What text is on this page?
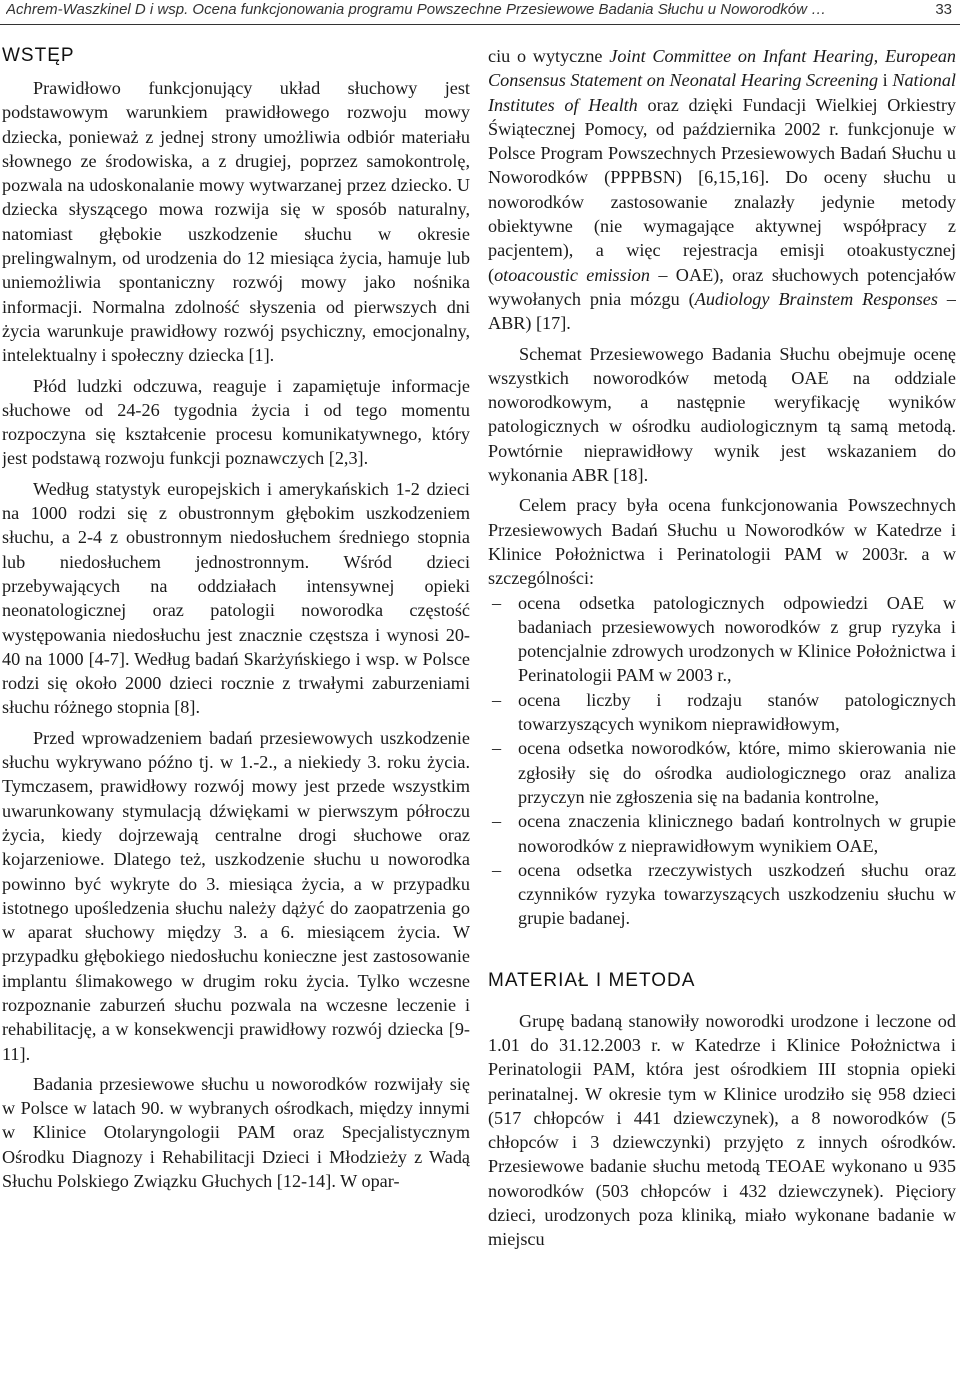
Achrem-Waszkinel D i wsp. Ocena funkcjonowania programu Powszechne Przesiewowe Badania Słuchu u Noworodków …	33
WSTĘP

Prawidłowo funkcjonujący układ słuchowy jest podstawowym warunkiem prawidłowego rozwoju mowy dziecka, ponieważ z jednej strony umożliwia odbiór materiału słownego ze środowiska, a z drugiej, poprzez samokontrolę, pozwala na udoskonalanie mowy wytwarzanej przez dziecko. U dziecka słyszącego mowa rozwija się w sposób naturalny, natomiast głębokie uszkodzenie słuchu w okresie prelingwalnym, od urodzenia do 12 miesiąca życia, hamuje lub uniemożliwia spontaniczny rozwój mowy jako nośnika informacji. Normalna zdolność słyszenia od pierwszych dni życia warunkuje prawidłowy rozwój psychiczny, emocjonalny, intelektualny i społeczny dziecka [1].

Płód ludzki odczuwa, reaguje i zapamiętuje informacje słuchowe od 24-26 tygodnia życia i od tego momentu rozpoczyna się kształcenie procesu komunikatywnego, który jest podstawą rozwoju funkcji poznawczych [2,3].

Według statystyk europejskich i amerykańskich 1-2 dzieci na 1000 rodzi się z obustronnym głębokim uszkodzeniem słuchu, a 2-4 z obustronnym niedosłuchem średniego stopnia lub niedosłuchem jednostronnym. Wśród dzieci przebywających na oddziałach intensywnej opieki neonatologicznej oraz patologii noworodka częstość występowania niedosłuchu jest znacznie częstsza i wynosi 20-40 na 1000 [4-7]. Według badań Skarżyńskiego i wsp. w Polsce rodzi się około 2000 dzieci rocznie z trwałymi zaburzeniami słuchu różnego stopnia [8].

Przed wprowadzeniem badań przesiewowych uszkodzenie słuchu wykrywano późno tj. w 1.-2., a niekiedy 3. roku życia. Tymczasem, prawidłowy rozwój mowy jest przede wszystkim uwarunkowany stymulacją dźwiękami w pierwszym półroczu życia, kiedy dojrzewają centralne drogi słuchowe oraz kojarzeniowe. Dlatego też, uszkodzenie słuchu u noworodka powinno być wykryte do 3. miesiąca życia, a w przypadku istotnego upośledzenia słuchu należy dążyć do zaopatrzenia go w aparat słuchowy między 3. a 6. miesiącem życia. W przypadku głębokiego niedosłuchu konieczne jest zastosowanie implantu ślimakowego w drugim roku życia. Tylko wczesne rozpoznanie zaburzeń słuchu pozwala na wczesne leczenie i rehabilitację, a w konsekwencji prawidłowy rozwój dziecka [9-11].

Badania przesiewowe słuchu u noworodków rozwijały się w Polsce w latach 90. w wybranych ośrodkach, między innymi w Klinice Otolaryngologii PAM oraz Specjalistycznym Ośrodku Diagnozy i Rehabilitacji Dzieci i Młodzieży z Wadą Słuchu Polskiego Związku Głuchych [12-14]. W opar-

ciu o wytyczne Joint Committee on Infant Hearing, European Consensus Statement on Neonatal Hearing Screening i National Institutes of Health oraz dzięki Fundacji Wielkiej Orkiestry Świątecznej Pomocy, od października 2002 r. funkcjonuje w Polsce Program Powszechnych Przesiewowych Badań Słuchu u Noworodków (PPPBSN) [6,15,16]. Do oceny słuchu u noworodków zastosowanie znalazły jedynie metody obiektywne (nie wymagające aktywnej współpracy z pacjentem), a więc rejestracja emisji otoakustycznej (otoacoustic emission – OAE), oraz słuchowych potencjałów wywołanych pnia mózgu (Audiology Brainstem Responses – ABR) [17].

Schemat Przesiewowego Badania Słuchu obejmuje ocenę wszystkich noworodków metodą OAE na oddziale noworodkowym, a następnie weryfikację wyników patologicznych w ośrodku audiologicznym tą samą metodą. Powtórnie nieprawidłowy wynik jest wskazaniem do wykonania ABR [18].

Celem pracy była ocena funkcjonowania Powszechnych Przesiewowych Badań Słuchu u Noworodków w Katedrze i Klinice Położnictwa i Perinatologii PAM w 2003r. a w szczególności:

– ocena odsetka patologicznych odpowiedzi OAE w badaniach przesiewowych noworodków z grup ryzyka i potencjalnie zdrowych urodzonych w Klinice Położnictwa i Perinatologii PAM w 2003 r.,
– ocena liczby i rodzaju stanów patologicznych towarzyszących wynikom nieprawidłowym,
– ocena odsetka noworodków, które, mimo skierowania nie zgłosiły się do ośrodka audiologicznego oraz analiza przyczyn nie zgłoszenia się na badania kontrolne,
– ocena znaczenia klinicznego badań kontrolnych w grupie noworodków z nieprawidłowym wynikiem OAE,
– ocena odsetka rzeczywistych uszkodzeń słuchu oraz czynników ryzyka towarzyszących uszkodzeniu słuchu w grupie badanej.
MATERIAŁ I METODA

Grupę badaną stanowiły noworodki urodzone i leczone od 1.01 do 31.12.2003 r. w Katedrze i Klinice Położnictwa i Perinatologii PAM, która jest ośrodkiem III stopnia opieki perinatalnej. W okresie tym w Klinice urodziło się 958 dzieci (517 chłopców i 441 dziewczynek), a 8 noworodków (5 chłopców i 3 dziewczynki) przyjęto z innych ośrodków. Przesiewowe badanie słuchu metodą TEOAE wykonano u 935 noworodków (503 chłopców i 432 dziewczynek). Pięciory dzieci, urodzonych poza kliniką, miało wykonane badanie w miejscu
